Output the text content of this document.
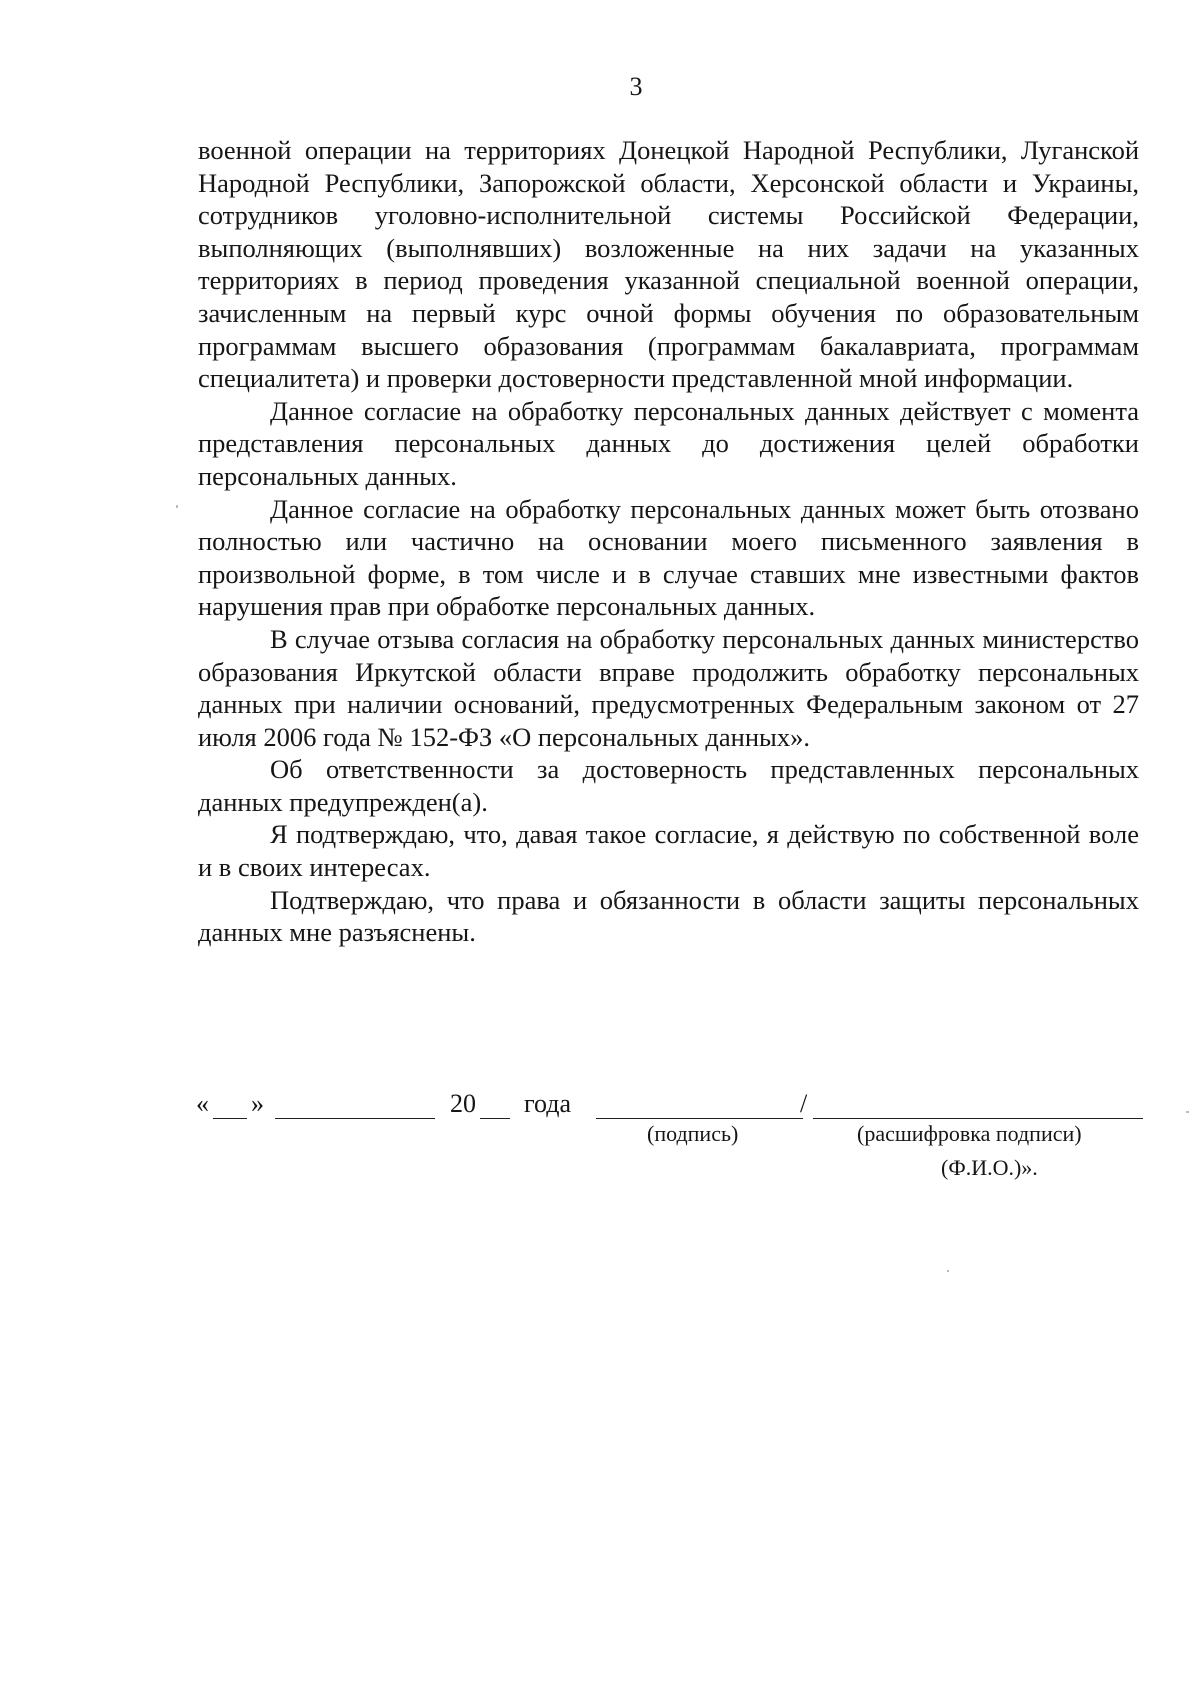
3

военной операции на территориях Донецкой Народной Республики, Луганской Народной Республики, Запорожской области, Херсонской области и Украины, сотрудников уголовно-исполнительной системы Российской Федерации, выполняющих (выполнявших) возложенные на них задачи на указанных территориях в период проведения указанной специальной военной операции, зачисленным на первый курс очной формы обучения по образовательным программам высшего образования (программам бакалавриата, программам специалитета) и проверки достоверности представленной мной информации.

Данное согласие на обработку персональных данных действует с момента представления персональных данных до достижения целей обработки персональных данных.

Данное согласие на обработку персональных данных может быть отозвано полностью или частично на основании моего письменного заявления в произвольной форме, в том числе и в случае ставших мне известными фактов нарушения прав при обработке персональных данных.

В случае отзыва согласия на обработку персональных данных министерство образования Иркутской области вправе продолжить обработку персональных данных при наличии оснований, предусмотренных Федеральным законом от 27 июля 2006 года № 152-ФЗ «О персональных данных».

Об ответственности за достоверность представленных персональных данных предупрежден(а).

Я подтверждаю, что, давая такое согласие, я действую по собственной воле и в своих интересах.

Подтверждаю, что права и обязанности в области защиты персональных данных мне разъяснены.

« »	20 года	/
(подпись)	(расшифровка подписи)
(Ф.И.О.)».
